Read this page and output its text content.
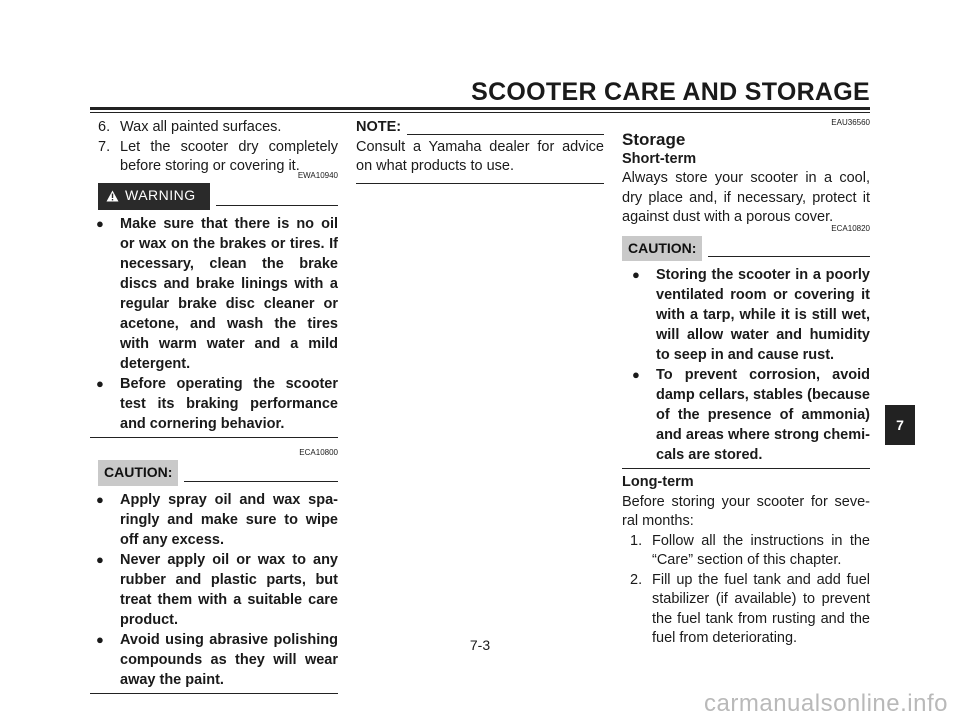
SCOOTER CARE AND STORAGE
6. Wax all painted surfaces.
7. Let the scooter dry completely before storing or covering it.
EWA10940
WARNING
●	Make sure that there is no oil or wax on the brakes or tires. If necessary, clean the brake discs and brake linings with a regular brake disc cleaner or acetone, and wash the tires with warm water and a mild detergent.
●	Before operating the scooter test its braking performance and cornering behavior.
ECA10800
CAUTION:
●	Apply spray oil and wax spa-ringly and make sure to wipe off any excess.
●	Never apply oil or wax to any rubber and plastic parts, but treat them with a suitable care product.
●	Avoid using abrasive polishing compounds as they will wear away the paint.
NOTE:
Consult a Yamaha dealer for advice on what products to use.
EAU36560
Storage
Short-term
Always store your scooter in a cool, dry place and, if necessary, protect it against dust with a porous cover.
ECA10820
CAUTION:
●	Storing the scooter in a poorly ventilated room or covering it with a tarp, while it is still wet, will allow water and humidity to seep in and cause rust.
●	To prevent corrosion, avoid damp cellars, stables (because of the presence of ammonia) and areas where strong chemi-cals are stored.
Long-term
Before storing your scooter for seve-ral months:
1. Follow all the instructions in the “Care” section of this chapter.
2. Fill up the fuel tank and add fuel stabilizer (if available) to prevent the fuel tank from rusting and the fuel from deteriorating.
7
7-3
carmanualsonline.info
